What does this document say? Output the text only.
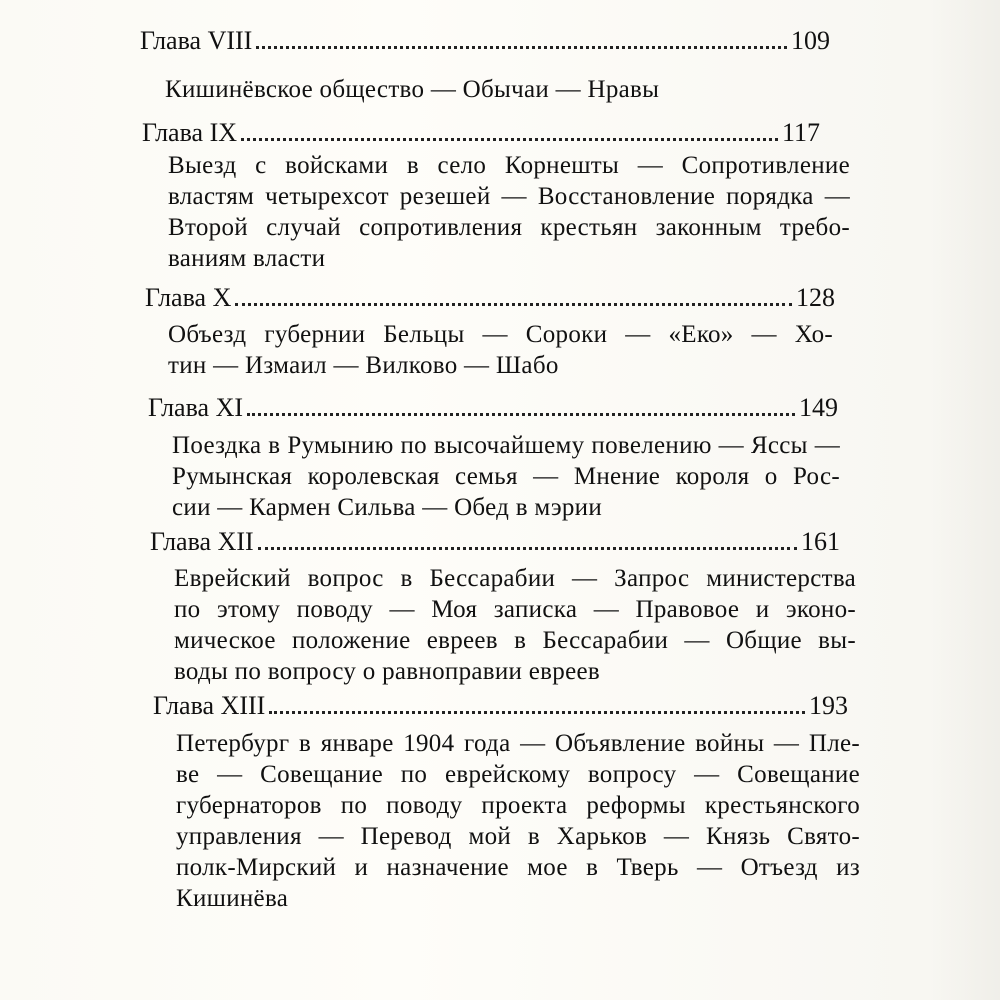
Глава VIII	109
Кишинёвское общество — Обычаи — Нравы
Глава IX	117
Выезд с войсками в село Корнешты — Сопротивление
властям четырехсот резешей — Восстановление порядка —
Второй случай сопротивления крестьян законным требо-
ваниям власти
Глава X	128
Объезд губернии Бельцы — Сороки — «Еко» — Хо-
тин — Измаил — Вилково — Шабо
Глава XI	149
Поездка в Румынию по высочайшему повелению — Яссы —
Румынская королевская семья — Мнение короля о Рос-
сии — Кармен Сильва — Обед в мэрии
Глава XII	161
Еврейский вопрос в Бессарабии — Запрос министерства
по этому поводу — Моя записка — Правовое и эконо-
мическое положение евреев в Бессарабии — Общие вы-
воды по вопросу о равноправии евреев
Глава XIII	193
Петербург в январе 1904 года — Объявление войны — Пле-
ве — Совещание по еврейскому вопросу — Совещание
губернаторов по поводу проекта реформы крестьянского
управления — Перевод мой в Харьков — Князь Свято-
полк-Мирский и назначение мое в Тверь — Отъезд из
Кишинёва
